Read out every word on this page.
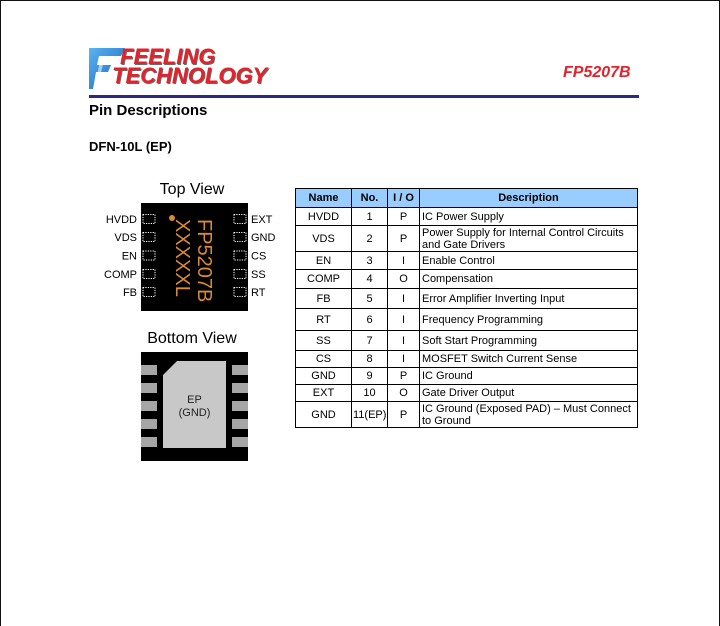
FEELING
TECHNOLOGY	FP5207B
Pin Descriptions
DFN-10L (EP)
Top View
HVDD
VDS
EN
COMP
FB
EXT
GND
CS
SS
RT
FP5207B
XXXXXL
Bottom View
EP
(GND)
Name	No.	I / O	Description
HVDD	1	P	IC Power Supply
VDS	2	P	Power Supply for Internal Control Circuits and Gate Drivers
EN	3	I	Enable Control
COMP	4	O	Compensation
FB	5	I	Error Amplifier Inverting Input
RT	6	I	Frequency Programming
SS	7	I	Soft Start Programming
CS	8	I	MOSFET Switch Current Sense
GND	9	P	IC Ground
EXT	10	O	Gate Driver Output
GND	11(EP)	P	IC Ground (Exposed PAD) – Must Connect to Ground
